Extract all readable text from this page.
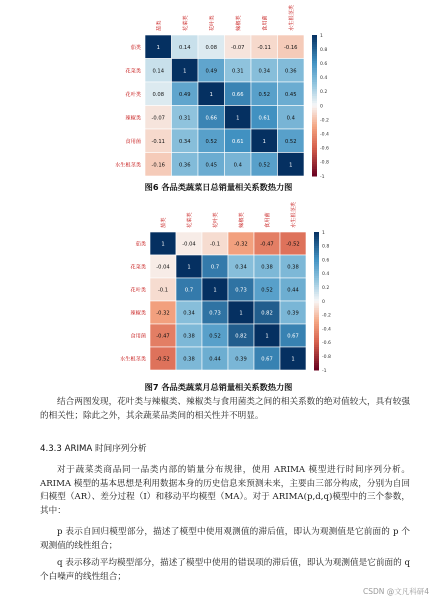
茄类	花菜类	花叶类	辣椒类	食用菌	水生根茎类
茄类
花菜类
花叶类
辣椒类
食用菌
水生根茎类
1	0.14	0.08	-0.07	-0.11	-0.16
0.14	1	0.49	0.31	0.34	0.36
0.08	0.49	1	0.66	0.52	0.45
-0.07	0.31	0.66	1	0.61	0.4
-0.11	0.34	0.52	0.61	1	0.52
-0.16	0.36	0.45	0.4	0.52	1
1
0.8
0.6
0.4
0.2
0
-0.2
-0.4
-0.6
-0.8
-1
图6 各品类蔬菜日总销量相关系数热力图
茄类	花菜类	花叶类	辣椒类	食用菌	水生根茎类
茄类
花菜类
花叶类
辣椒类
食用菌
水生根茎类
1	-0.04	-0.1	-0.32 -0.47 -0.52
-0.04	1	0.7	0.34	0.38	0.38
-0.1	0.7	1	0.73	0.52	0.44
-0.32	0.34	0.73	1	0.82	0.39
-0.47	0.38	0.52	0.82	1	0.67
-0.52	0.38	0.44	0.39	0.67	1
1
0.8
0.6
0.4
0.2
0
-0.2
-0.4
-0.6
-0.8
-1
图7 各品类蔬菜月总销量相关系数热力图

结合两图发现，花叶类与辣椒类、辣椒类与食用菌类之间的相关系数的绝对值较大，具有较强的相关性；除此之外，其余蔬菜品类间的相关性并不明显。

4.3.3 ARIMA 时间序列分析

对于蔬菜类商品同一品类内部的销量分布规律，使用 ARIMA 模型进行时间序列分析。ARIMA 模型的基本思想是利用数据本身的历史信息来预测未来，主要由三部分构成，分别为自回归模型（AR）、差分过程（I）和移动平均模型（MA）。对于 ARIMA(p,d,q)模型中的三个参数，其中：

p 表示自回归模型部分，描述了模型中使用观测值的滞后值，即认为观测值是它前面的 p 个观测值的线性组合；

q 表示移动平均模型部分，描述了模型中使用的错误项的滞后值，即认为观测值是它前面的 q 个白噪声的线性组合；

CSDN @文凡科研4
